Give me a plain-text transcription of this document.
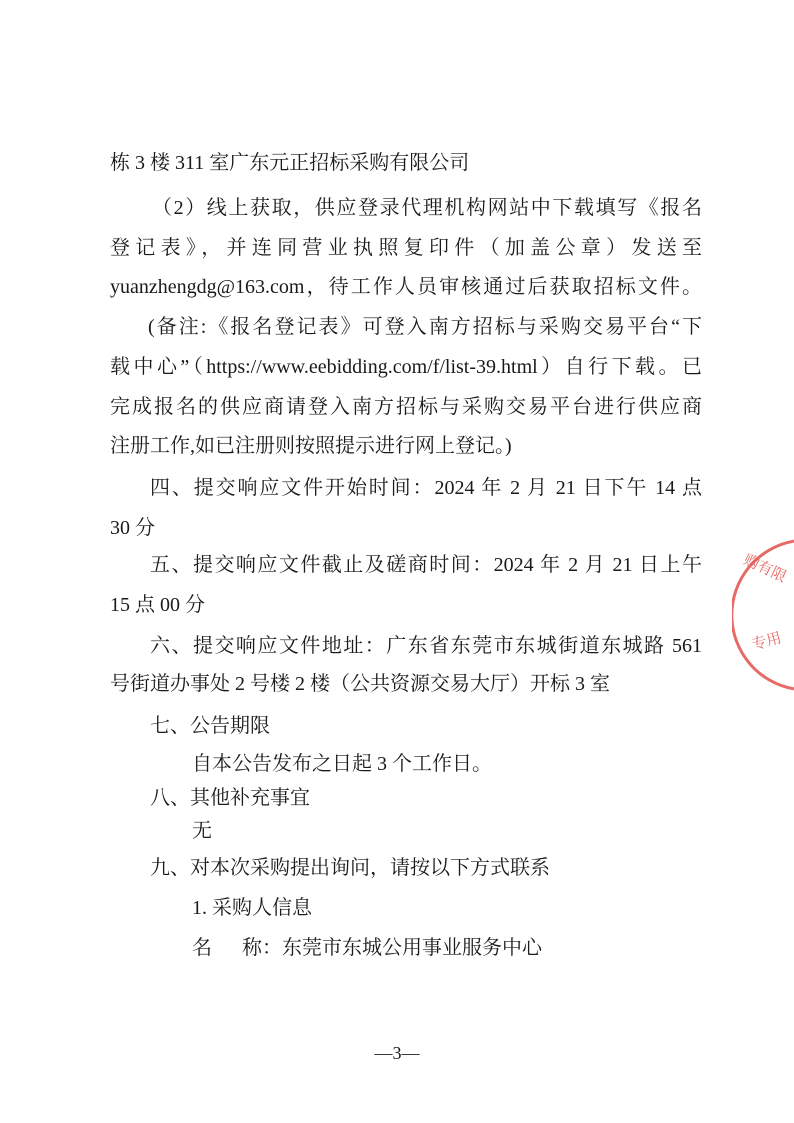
购有限
专用
栋 3 楼 311 室广东元正招标采购有限公司
（2）线上获取，供应登录代理机构网站中下载填写《报名
登记表》，并连同营业执照复印件（加盖公章）发送至
yuanzhengdg@163.com，待工作人员审核通过后获取招标文件。
(备注:《报名登记表》可登入南方招标与采购交易平台“下
载中心”（https://www.eebidding.com/f/list-39.html）自行下载。已
完成报名的供应商请登入南方招标与采购交易平台进行供应商
注册工作,如已注册则按照提示进行网上登记。)
四、提交响应文件开始时间：2024 年 2 月 21 日下午 14 点
30 分
五、提交响应文件截止及磋商时间：2024 年 2 月 21 日上午
15 点 00 分
六、提交响应文件地址：广东省东莞市东城街道东城路 561
号街道办事处 2 号楼 2 楼（公共资源交易大厅）开标 3 室
七、公告期限
自本公告发布之日起 3 个工作日。
八、其他补充事宜
无
九、对本次采购提出询问，请按以下方式联系
1. 采购人信息
名      称：东莞市东城公用事业服务中心
—3—
